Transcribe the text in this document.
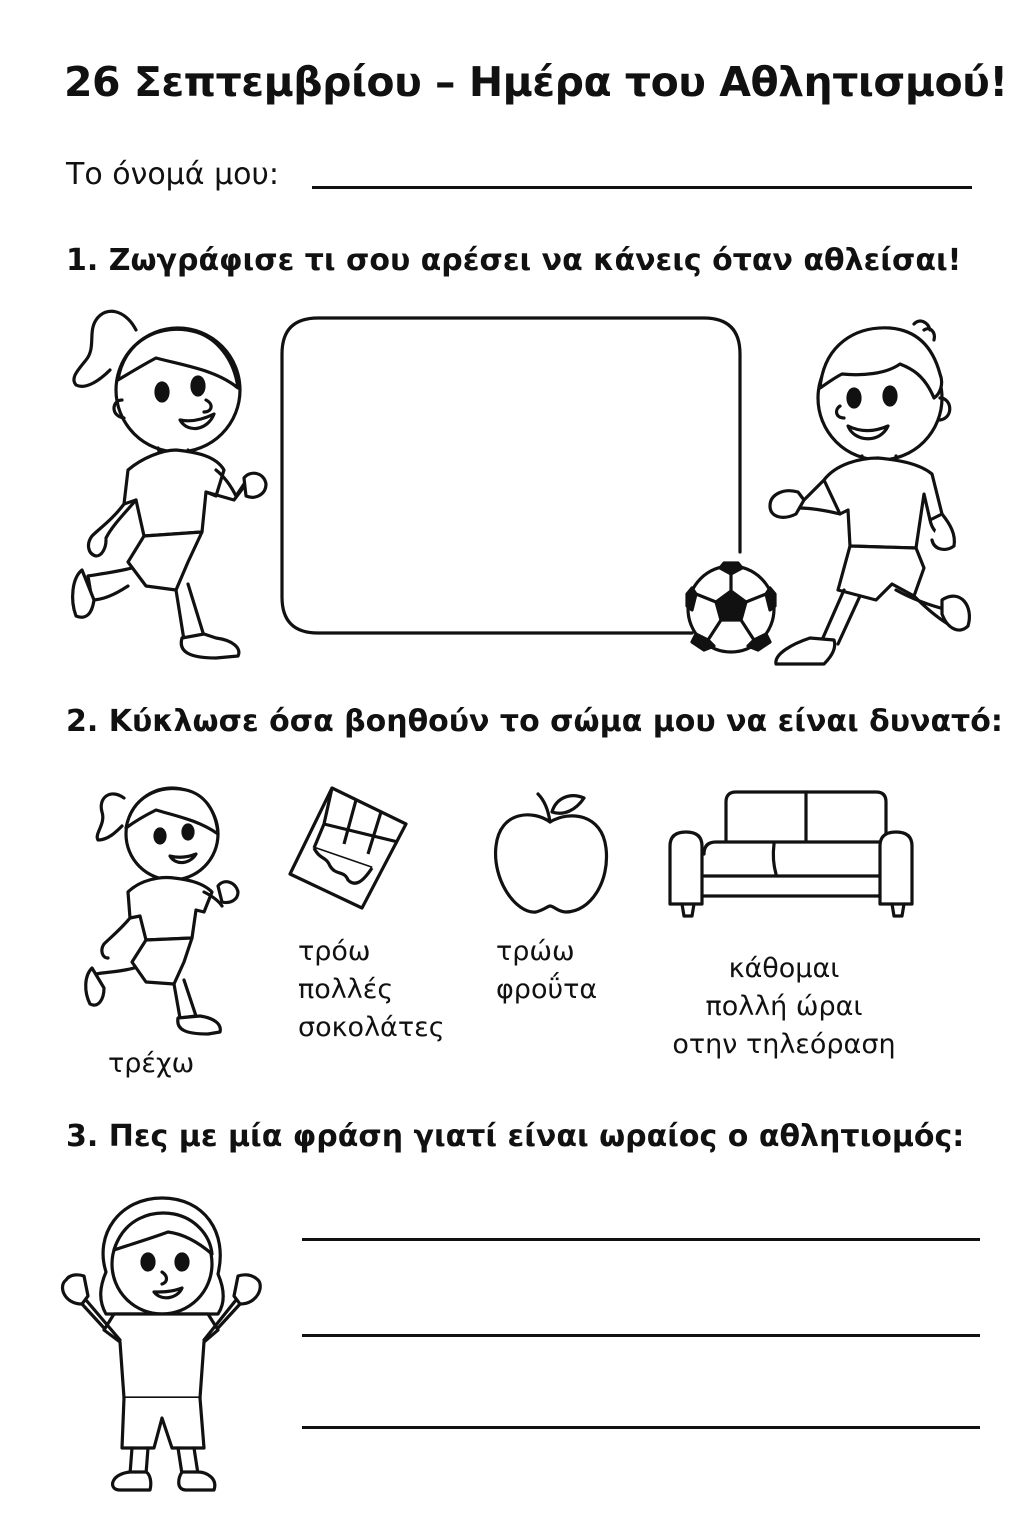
26 Σεπτεμβρίου – Ημέρα του Αθλητισμού!
Το όνομά μου:
1. Ζωγράφισε τι σου αρέσει να κάνεις όταν αθλείσαι!
2. Κύκλωσε όσα βοηθούν το σώμα μου να είναι δυνατό:
τρέχω
τρόω
πολλές
σοκολάτες
τρώω
φροΰτα
κάθομαι
πολλή ώραι
οτην τηλεόραση
3. Πες με μία φράση γιατί είναι ωραίος ο αθλητιομός:
